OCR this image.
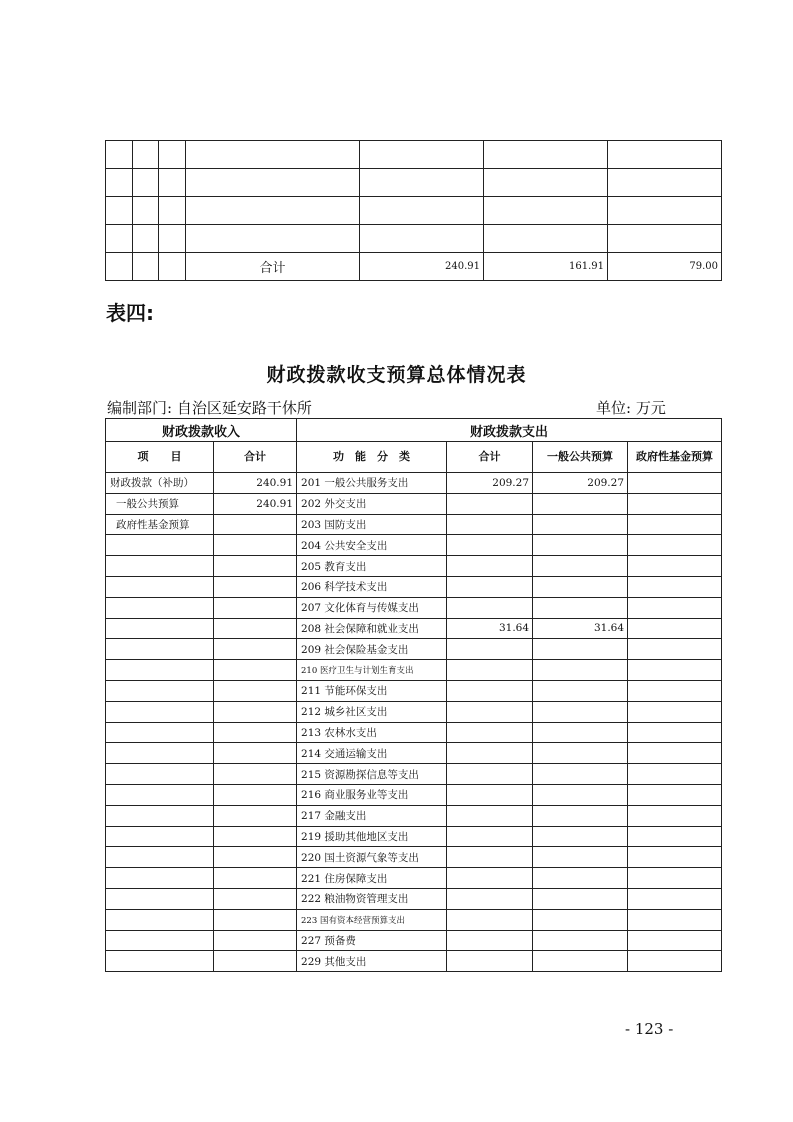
			合计	240.91	161.91	79.00
表四:
财政拨款收支预算总体情况表
编制部门: 自治区延安路干休所	单位: 万元
财政拨款收入		财政拨款支出			
项　　目	合计	功　能　分　类	合计	一般公共预算	政府性基金预算
财政拨款（补助）	240.91	201 一般公共服务支出	209.27	209.27	
一般公共预算	240.91	202 外交支出			
政府性基金预算		203 国防支出			
		204 公共安全支出			
		205 教育支出			
		206 科学技术支出			
		207 文化体育与传媒支出			
		208 社会保障和就业支出	31.64	31.64	
		209 社会保险基金支出			
		210 医疗卫生与计划生育支出			
		211 节能环保支出			
		212 城乡社区支出			
		213 农林水支出			
		214 交通运输支出			
		215 资源勘探信息等支出			
		216 商业服务业等支出			
		217 金融支出			
		219 援助其他地区支出			
		220 国土资源气象等支出			
		221 住房保障支出			
		222 粮油物资管理支出			
		223 国有资本经营预算支出			
		227 预备费			
		229 其他支出			
- 123 -
